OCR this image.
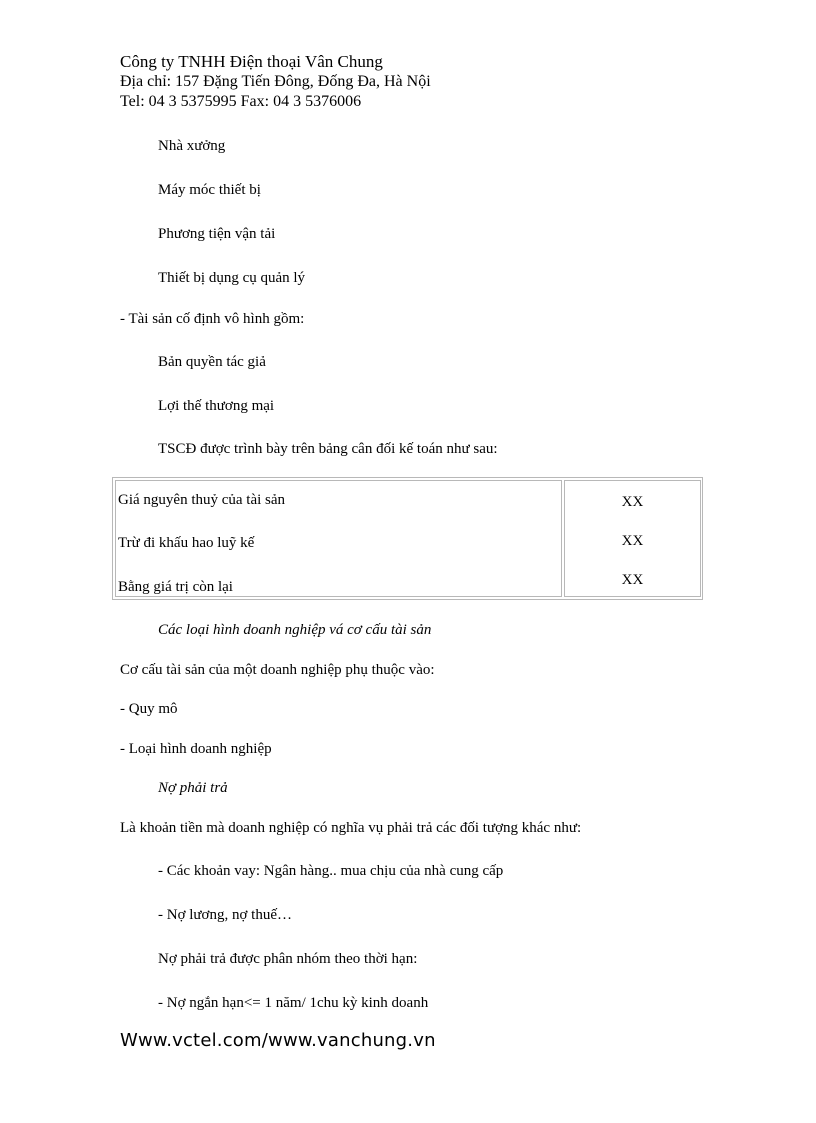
Công ty TNHH Điện thoại Vân Chung
Địa chỉ: 157 Đặng Tiến Đông, Đống Đa, Hà Nội
Tel: 04 3 5375995 Fax: 04 3 5376006
Nhà xưởng
Máy móc thiết bị
Phương tiện vận tải
Thiết bị dụng cụ quản lý
- Tài sản cố định vô hình gồm:
Bản quyền tác giả
Lợi thế thương mại
TSCĐ được trình bày trên bảng cân đối kế toán như sau:
Giá nguyên thuỷ của tài sản
Trừ đi khấu hao luỹ kế
Bằng giá trị còn lại
XX
XX
XX
Các loại hình doanh nghiệp vá cơ cấu tài sản
Cơ cấu tài sản của một doanh nghiệp phụ thuộc vào:
- Quy mô
- Loại hình doanh nghiệp
Nợ phải trả
Là khoản tiền mà doanh nghiệp có nghĩa vụ phải trả các đối tượng khác như:
- Các khoản vay: Ngân hàng.. mua chịu của nhà cung cấp
- Nợ lương, nợ thuế…
Nợ phải trả được phân nhóm theo thời hạn:
- Nợ ngắn hạn<= 1 năm/ 1chu kỳ kinh doanh
Www.vctel.com/www.vanchung.vn
